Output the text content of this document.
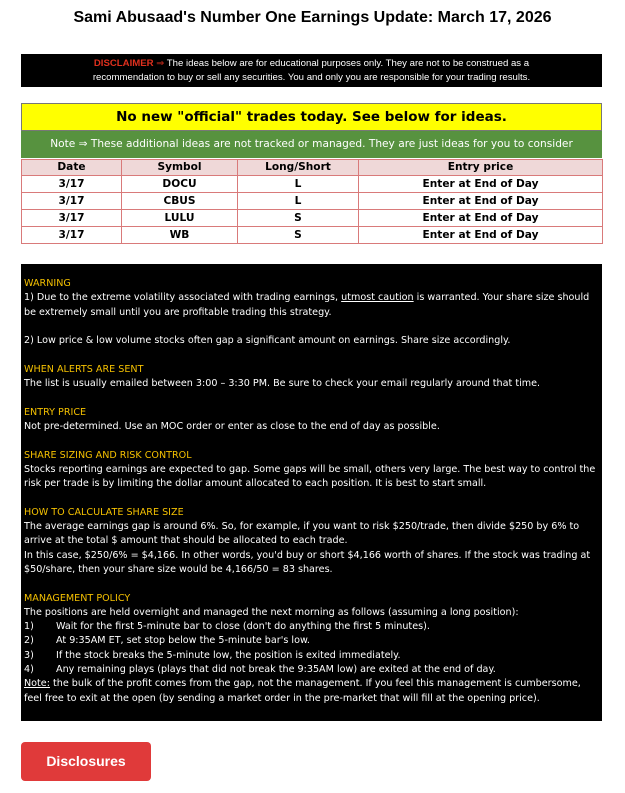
Sami Abusaad's Number One Earnings Update: March 17, 2026
DISCLAIMER ⇒ The ideas below are for educational purposes only. They are not to be construed as a
recommendation to buy or sell any securities. You and only you are responsible for your trading results.
No new "official" trades today. See below for ideas.
Note ⇒ These additional ideas are not tracked or managed. They are just ideas for you to consider
Date	Symbol	Long/Short	Entry price
3/17	DOCU	L	Enter at End of Day
3/17	CBUS	L	Enter at End of Day
3/17	LULU	S	Enter at End of Day
3/17	WB	S	Enter at End of Day

WARNING

1) Due to the extreme volatility associated with trading earnings, utmost caution is warranted. Your share size should be extremely small until you are profitable trading this strategy.

2) Low price & low volume stocks often gap a significant amount on earnings. Share size accordingly.

WHEN ALERTS ARE SENT

The list is usually emailed between 3:00 – 3:30 PM. Be sure to check your email regularly around that time.

ENTRY PRICE

Not pre-determined. Use an MOC order or enter as close to the end of day as possible.

SHARE SIZING AND RISK CONTROL

Stocks reporting earnings are expected to gap. Some gaps will be small, others very large. The best way to control the risk per trade is by limiting the dollar amount allocated to each position. It is best to start small.

HOW TO CALCULATE SHARE SIZE

The average earnings gap is around 6%. So, for example, if you want to risk $250/trade, then divide $250 by 6% to arrive at the total $ amount that should be allocated to each trade.

In this case, $250/6% = $4,166. In other words, you'd buy or short $4,166 worth of shares. If the stock was trading at $50/share, then your share size would be 4,166/50 = 83 shares.

MANAGEMENT POLICY

The positions are held overnight and managed the next morning as follows (assuming a long position):

1) Wait for the first 5-minute bar to close (don't do anything the first 5 minutes).

2) At 9:35AM ET, set stop below the 5-minute bar's low.

3) If the stock breaks the 5-minute low, the position is exited immediately.

4) Any remaining plays (plays that did not break the 9:35AM low) are exited at the end of day.

Note: the bulk of the profit comes from the gap, not the management. If you feel this management is cumbersome, feel free to exit at the open (by sending a market order in the pre-market that will fill at the opening price).

Disclosures
